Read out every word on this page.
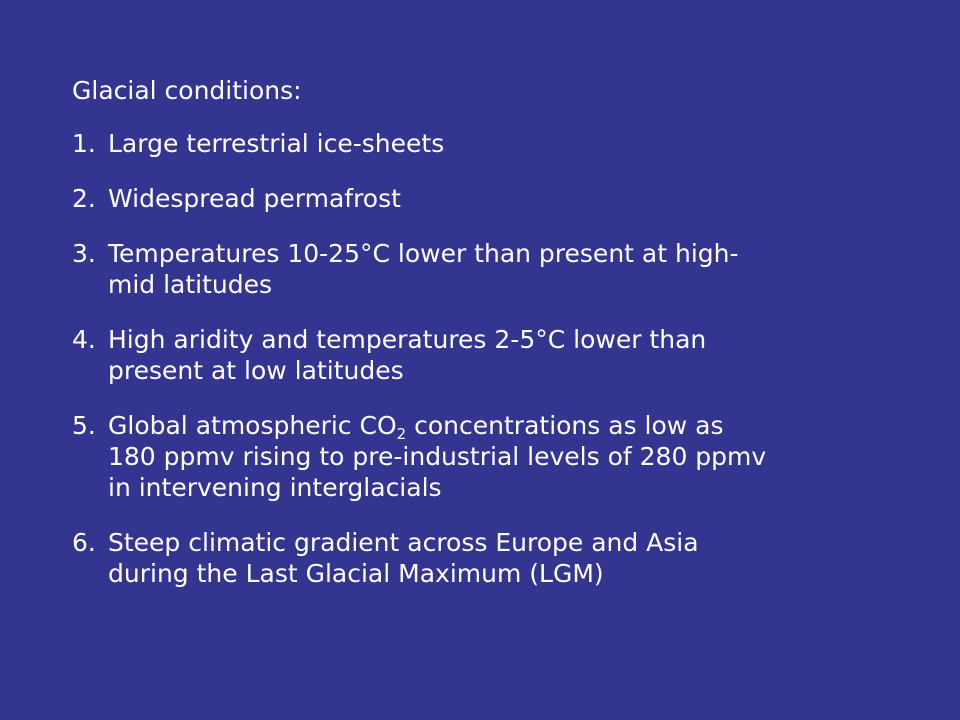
Glacial conditions:
1. Large terrestrial ice-sheets
2. Widespread permafrost
3. Temperatures 10-25°C lower than present at high-
mid latitudes
4. High aridity and temperatures 2-5°C lower than
present at low latitudes
5. Global atmospheric $CO_2$ concentrations as low as
180 ppmv rising to pre-industrial levels of 280 ppmv
in intervening interglacials
6. Steep climatic gradient across Europe and Asia
during the Last Glacial Maximum (LGM)
